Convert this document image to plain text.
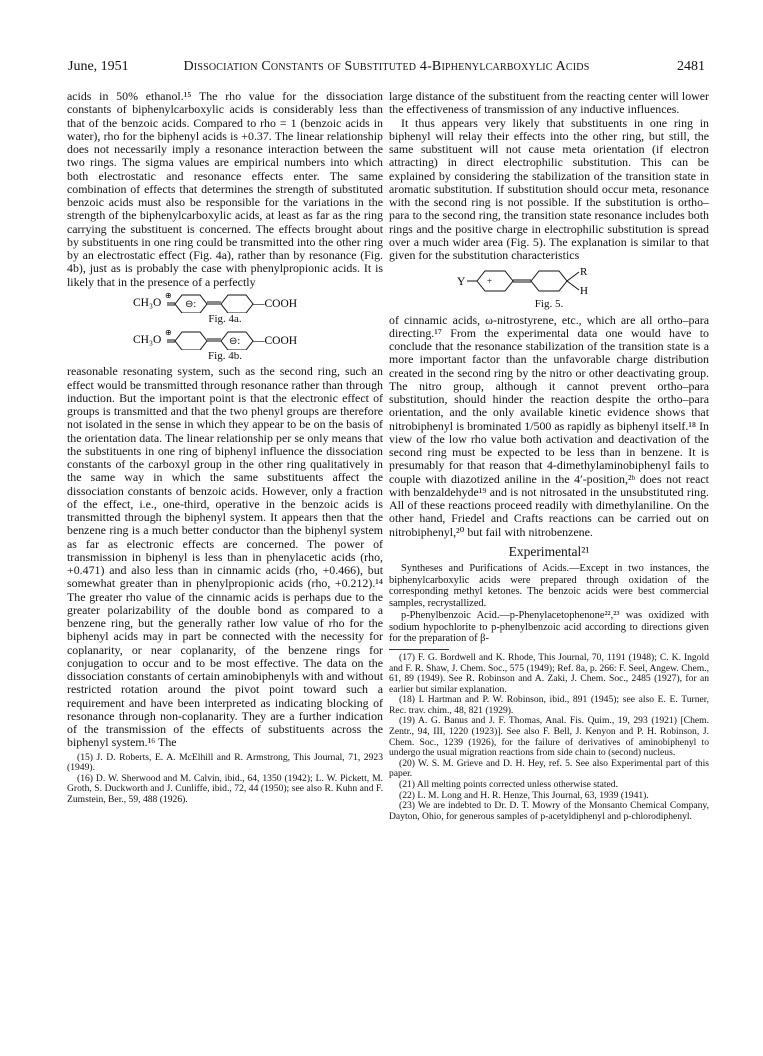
June, 1951	Dissociation Constants of Substituted 4-Biphenylcarboxylic Acids	2481

acids in 50% ethanol.¹⁵ The rho value for the dissociation constants of biphenylcarboxylic acids is considerably less than that of the benzoic acids. Compared to rho = 1 (benzoic acids in water), rho for the biphenyl acids is +0.37. The linear relationship does not necessarily imply a resonance interaction between the two rings. The sigma values are empirical numbers into which both electrostatic and resonance effects enter. The same combination of effects that determines the strength of substituted benzoic acids must also be responsible for the variations in the strength of the biphenylcarboxylic acids, at least as far as the ring carrying the substituent is concerned. The effects brought about by substituents in one ring could be transmitted into the other ring by an electrostatic effect (Fig. 4a), rather than by resonance (Fig. 4b), just as is probably the case with phenylpropionic acids. It is likely that in the presence of a perfectly

CH₃O
⊕
⊖:	—COOH
Fig. 4a.
CH₃O
⊕
⊖: —COOH
Fig. 4b.

reasonable resonating system, such as the second ring, such an effect would be transmitted through resonance rather than through induction. But the important point is that the electronic effect of groups is transmitted and that the two phenyl groups are therefore not isolated in the sense in which they appear to be on the basis of the orientation data. The linear relationship per se only means that the substituents in one ring of biphenyl influence the dissociation constants of the carboxyl group in the other ring qualitatively in the same way in which the same substituents affect the dissociation constants of benzoic acids. However, only a fraction of the effect, i.e., one-third, operative in the benzoic acids is transmitted through the biphenyl system. It appears then that the benzene ring is a much better conductor than the biphenyl system as far as electronic effects are concerned. The power of transmission in biphenyl is less than in phenylacetic acids (rho, +0.471) and also less than in cinnamic acids (rho, +0.466), but somewhat greater than in phenylpropionic acids (rho, +0.212).¹⁴ The greater rho value of the cinnamic acids is perhaps due to the greater polarizability of the double bond as compared to a benzene ring, but the generally rather low value of rho for the biphenyl acids may in part be connected with the necessity for coplanarity, or near coplanarity, of the benzene rings for conjugation to occur and to be most effective. The data on the dissociation constants of certain aminobiphenyls with and without restricted rotation around the pivot point toward such a requirement and have been interpreted as indicating blocking of resonance through non-coplanarity. They are a further indication of the transmission of the effects of substituents across the biphenyl system.¹⁶ The

(15) J. D. Roberts, E. A. McElhill and R. Armstrong, This Journal, 71, 2923 (1949).

(16) D. W. Sherwood and M. Calvin, ibid., 64, 1350 (1942); L. W. Pickett, M. Groth, S. Duckworth and J. Cunliffe, ibid., 72, 44 (1950); see also R. Kuhn and F. Zumstein, Ber., 59, 488 (1926).

large distance of the substituent from the reacting center will lower the effectiveness of transmission of any inductive influences.

It thus appears very likely that substituents in one ring in biphenyl will relay their effects into the other ring, but still, the same substituent will not cause meta orientation (if electron attracting) in direct electrophilic substitution. This can be explained by considering the stabilization of the transition state in aromatic substitution. If substitution should occur meta, resonance with the second ring is not possible. If the substitution is ortho–para to the second ring, the transition state resonance includes both rings and the positive charge in electrophilic substitution is spread over a much wider area (Fig. 5). The explanation is similar to that given for the substitution characteristics

Y +
R
H
Fig. 5.

of cinnamic acids, ω-nitrostyrene, etc., which are all ortho–para directing.¹⁷ From the experimental data one would have to conclude that the resonance stabilization of the transition state is a more important factor than the unfavorable charge distribution created in the second ring by the nitro or other deactivating group. The nitro group, although it cannot prevent ortho–para substitution, should hinder the reaction despite the ortho–para orientation, and the only available kinetic evidence shows that nitrobiphenyl is brominated 1/500 as rapidly as biphenyl itself.¹⁸ In view of the low rho value both activation and deactivation of the second ring must be expected to be less than in benzene. It is presumably for that reason that 4-dimethylaminobiphenyl fails to couple with diazotized aniline in the 4′-position,²ᵇ does not react with benzaldehyde¹⁹ and is not nitrosated in the unsubstituted ring. All of these reactions proceed readily with dimethylaniline. On the other hand, Friedel and Crafts reactions can be carried out on nitrobiphenyl,²⁰ but fail with nitrobenzene.

Experimental²¹

Syntheses and Purifications of Acids.—Except in two instances, the biphenylcarboxylic acids were prepared through oxidation of the corresponding methyl ketones. The benzoic acids were best commercial samples, recrystallized.

p-Phenylbenzoic Acid.—p-Phenylacetophenone²²,²³ was oxidized with sodium hypochlorite to p-phenylbenzoic acid according to directions given for the preparation of β-

(17) F. G. Bordwell and K. Rhode, This Journal, 70, 1191 (1948); C. K. Ingold and F. R. Shaw, J. Chem. Soc., 575 (1949); Ref. 8a, p. 266: F. Seel, Angew. Chem., 61, 89 (1949). See R. Robinson and A. Zaki, J. Chem. Soc., 2485 (1927), for an earlier but similar explanation.

(18) I. Hartman and P. W. Robinson, ibid., 891 (1945); see also E. E. Turner, Rec. trav. chim., 48, 821 (1929).

(19) A. G. Banus and J. F. Thomas, Anal. Fis. Quim., 19, 293 (1921) [Chem. Zentr., 94, III, 1220 (1923)]. See also F. Bell, J. Kenyon and P. H. Robinson, J. Chem. Soc., 1239 (1926), for the failure of derivatives of aminobiphenyl to undergo the usual migration reactions from side chain to (second) nucleus.

(20) W. S. M. Grieve and D. H. Hey, ref. 5. See also Experimental part of this paper.

(21) All melting points corrected unless otherwise stated.

(22) L. M. Long and H. R. Henze, This Journal, 63, 1939 (1941).

(23) We are indebted to Dr. D. T. Mowry of the Monsanto Chemical Company, Dayton, Ohio, for generous samples of p-acetyldiphenyl and p-chlorodiphenyl.
